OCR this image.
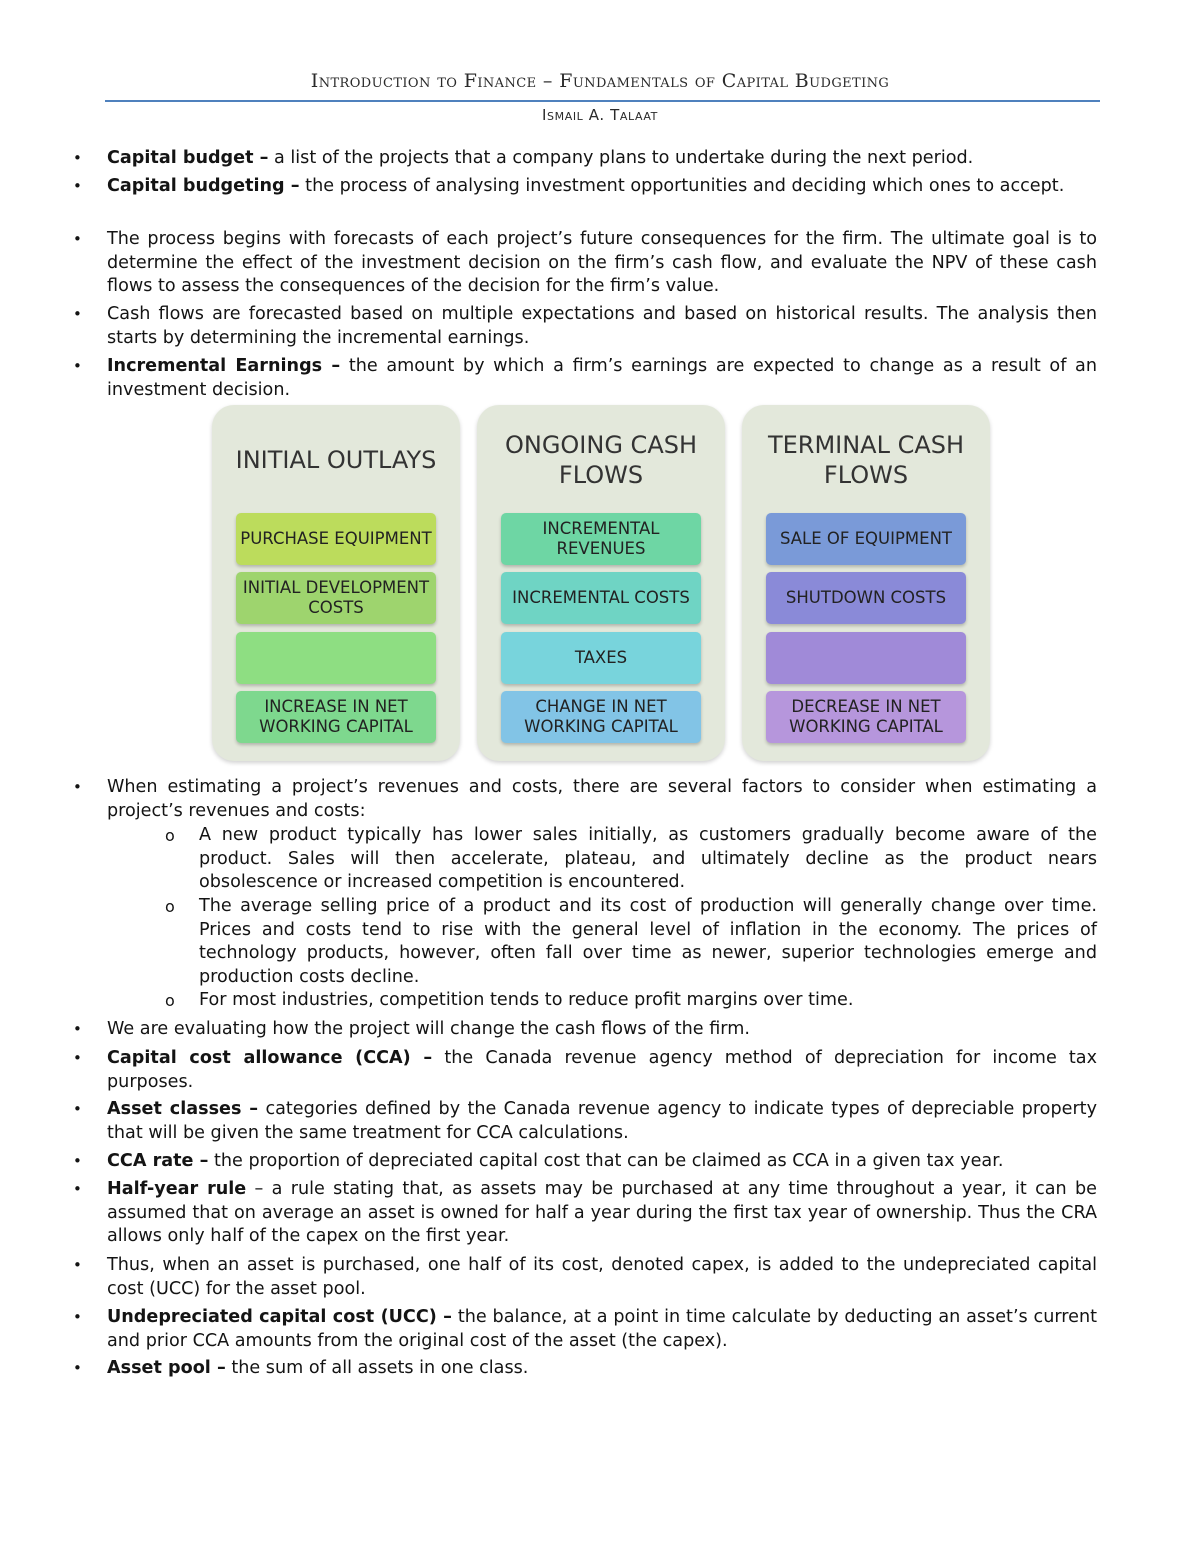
Introduction to Finance – Fundamentals of Capital Budgeting
Ismail A. Talaat
• Capital budget – a list of the projects that a company plans to undertake during the next period.

• Capital budgeting – the process of analysing investment opportunities and deciding which ones to accept.

• The process begins with forecasts of each project’s future consequences for the firm. The ultimate goal is to determine the effect of the investment decision on the firm’s cash flow, and evaluate the NPV of these cash flows to assess the consequences of the decision for the firm’s value.

• Cash flows are forecasted based on multiple expectations and based on historical results. The analysis then starts by determining the incremental earnings.

• Incremental Earnings – the amount by which a firm’s earnings are expected to change as a result of an investment decision.

INITIAL OUTLAYS
PURCHASE EQUIPMENT
INITIAL DEVELOPMENT COSTS
INCREASE IN NET WORKING CAPITAL
ONGOING CASH FLOWS
INCREMENTAL REVENUES
INCREMENTAL COSTS
TAXES
CHANGE IN NET WORKING CAPITAL
TERMINAL CASH FLOWS
SALE OF EQUIPMENT
SHUTDOWN COSTS
DECREASE IN NET WORKING CAPITAL
• When estimating a project’s revenues and costs, there are several factors to consider when estimating a project’s revenues and costs:

o A new product typically has lower sales initially, as customers gradually become aware of the product. Sales will then accelerate, plateau, and ultimately decline as the product nears obsolescence or increased competition is encountered.

o The average selling price of a product and its cost of production will generally change over time. Prices and costs tend to rise with the general level of inflation in the economy. The prices of technology products, however, often fall over time as newer, superior technologies emerge and production costs decline.

o For most industries, competition tends to reduce profit margins over time.

• We are evaluating how the project will change the cash flows of the firm.

• Capital cost allowance (CCA) – the Canada revenue agency method of depreciation for income tax purposes.

• Asset classes – categories defined by the Canada revenue agency to indicate types of depreciable property that will be given the same treatment for CCA calculations.

• CCA rate – the proportion of depreciated capital cost that can be claimed as CCA in a given tax year.

• Half-year rule – a rule stating that, as assets may be purchased at any time throughout a year, it can be assumed that on average an asset is owned for half a year during the first tax year of ownership. Thus the CRA allows only half of the capex on the first year.

• Thus, when an asset is purchased, one half of its cost, denoted capex, is added to the undepreciated capital cost (UCC) for the asset pool.

• Undepreciated capital cost (UCC) – the balance, at a point in time calculate by deducting an asset’s current and prior CCA amounts from the original cost of the asset (the capex).

• Asset pool – the sum of all assets in one class.
